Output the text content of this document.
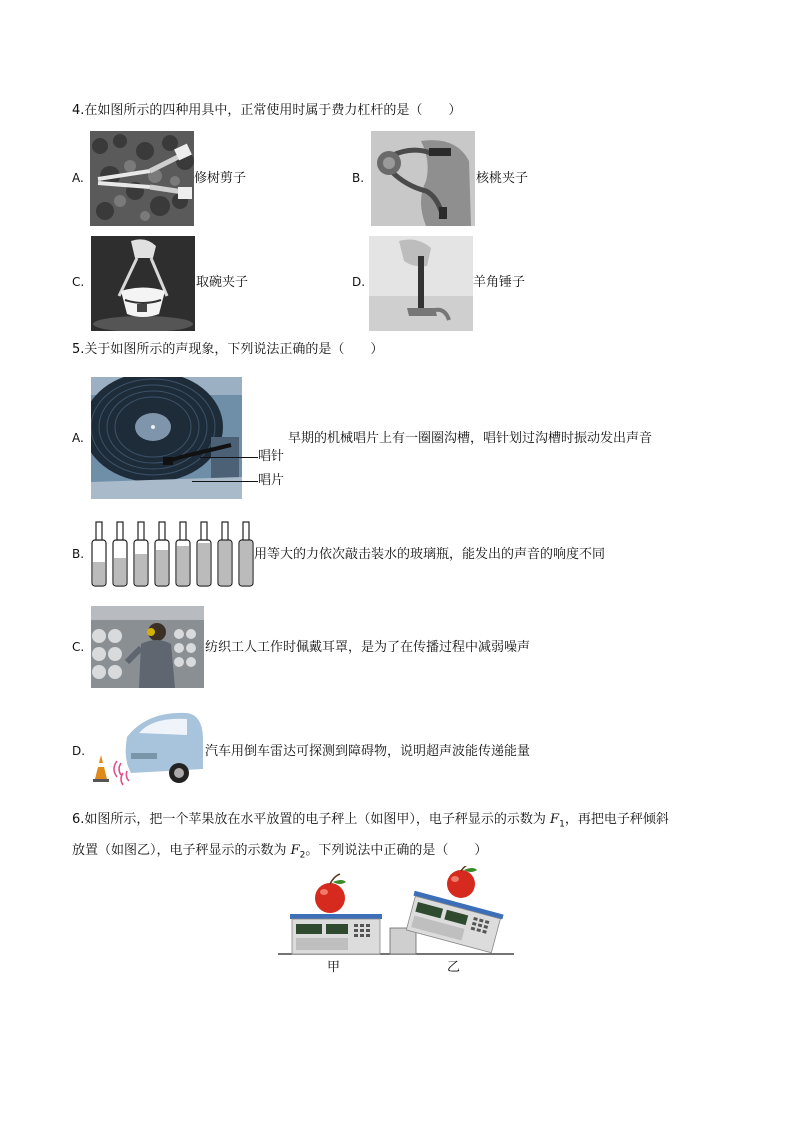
4.在如图所示的四种用具中，正常使用时属于费力杠杆的是（　　）
A.	修树剪子	B.	核桃夹子
C.	取碗夹子	D.	羊角锤子
5.关于如图所示的声现象，下列说法正确的是（　　）
A.
唱针
唱片
早期的机械唱片上有一圈圈沟槽，唱针划过沟槽时振动发出声音
B.	用等大的力依次敲击装水的玻璃瓶，能发出的声音的响度不同
C.	纺织工人工作时佩戴耳罩，是为了在传播过程中减弱噪声
D.	汽车用倒车雷达可探测到障碍物，说明超声波能传递能量
6.如图所示，把一个苹果放在水平放置的电子秤上（如图甲），电子秤显示的示数为 $F_1$，再把电子秤倾斜
放置（如图乙），电子秤显示的示数为 $F_2$。下列说法中正确的是（　　）
甲	乙
